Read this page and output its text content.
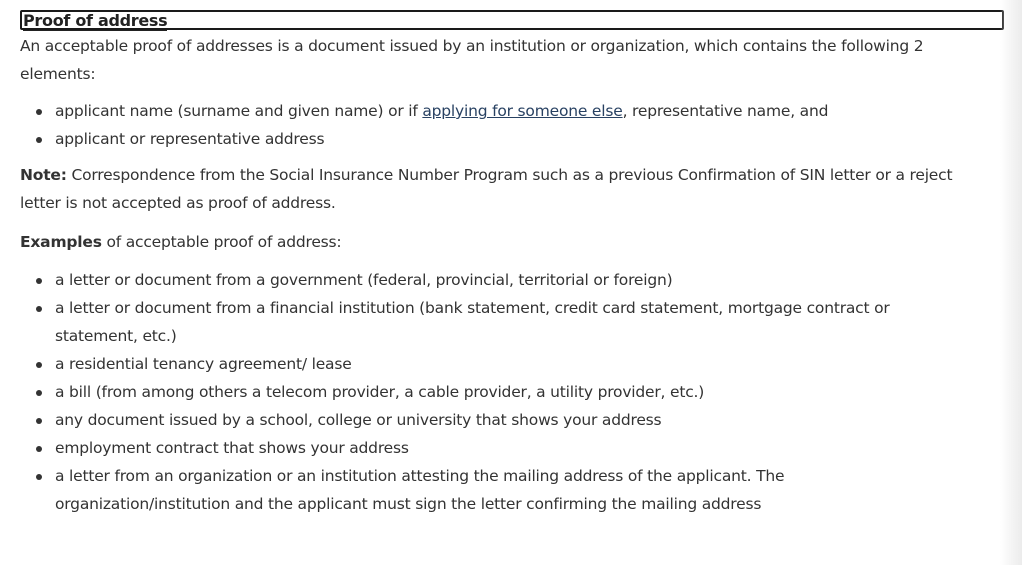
Proof of address

An acceptable proof of addresses is a document issued by an institution or organization, which contains the following 2 elements:

applicant name (surname and given name) or if applying for someone else, representative name, and
applicant or representative address

Note: Correspondence from the Social Insurance Number Program such as a previous Confirmation of SIN letter or a reject letter is not accepted as proof of address.

Examples of acceptable proof of address:

a letter or document from a government (federal, provincial, territorial or foreign)
a letter or document from a financial institution (bank statement, credit card statement, mortgage contract or statement, etc.)
a residential tenancy agreement/ lease
a bill (from among others a telecom provider, a cable provider, a utility provider, etc.)
any document issued by a school, college or university that shows your address
employment contract that shows your address
a letter from an organization or an institution attesting the mailing address of the applicant. The organization/institution and the applicant must sign the letter confirming the mailing address
